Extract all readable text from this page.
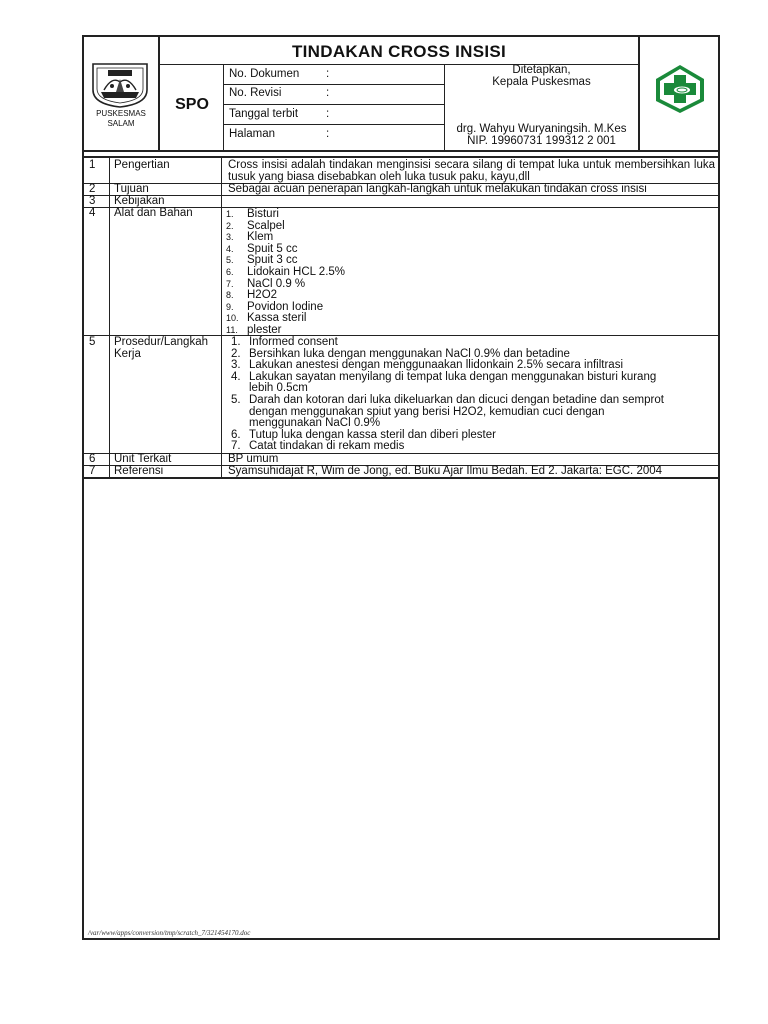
PUSKESMAS
SALAM
TINDAKAN CROSS INSISI
SPO
No. Dokumen :
No. Revisi	:
Tanggal terbit :
Halaman	:
Ditetapkan,
Kepala Puskesmas
drg. Wahyu Wuryaningsih. M.Kes
NIP. 19960731 199312 2 001
1 Pengertian	Cross insisi adalah tindakan menginsisi secara silang di tempat luka untuk membersihkan luka tusuk yang biasa disebabkan oleh luka tusuk paku, kayu,dll
2 Tujuan	Sebagai acuan penerapan langkah-langkah untuk melakukan tindakan cross insisi
3 Kebijakan
4 Alat dan Bahan	1. Bisturi
2. Scalpel
3. Klem
4. Spuit 5 cc
5. Spuit 3 cc
6. Lidokain HCL 2.5%
7. NaCl 0.9 %
8. H2O2
9. Povidon Iodine
10. Kassa steril
11. plester
5 Prosedur/Langkah
Kerja
1. Informed consent
2. Bersihkan luka dengan menggunakan NaCl 0.9% dan betadine
3. Lakukan anestesi dengan menggunaakan llidonkain 2.5% secara infiltrasi
4. Lakukan sayatan menyilang di tempat luka dengan menggunakan bisturi kurang
lebih 0.5cm
5. Darah dan kotoran dari luka dikeluarkan dan dicuci dengan betadine dan semprot
dengan menggunakan spiut yang berisi H2O2, kemudian cuci dengan
menggunakan NaCl 0.9%
6. Tutup luka dengan kassa steril dan diberi plester
7. Catat tindakan di rekam medis
6 Unit Terkait	BP umum
7 Referensi	Syamsuhidajat R, Wim de Jong, ed. Buku Ajar Ilmu Bedah. Ed 2. Jakarta: EGC. 2004
/var/www/apps/conversion/tmp/scratch_7/321454170.doc
